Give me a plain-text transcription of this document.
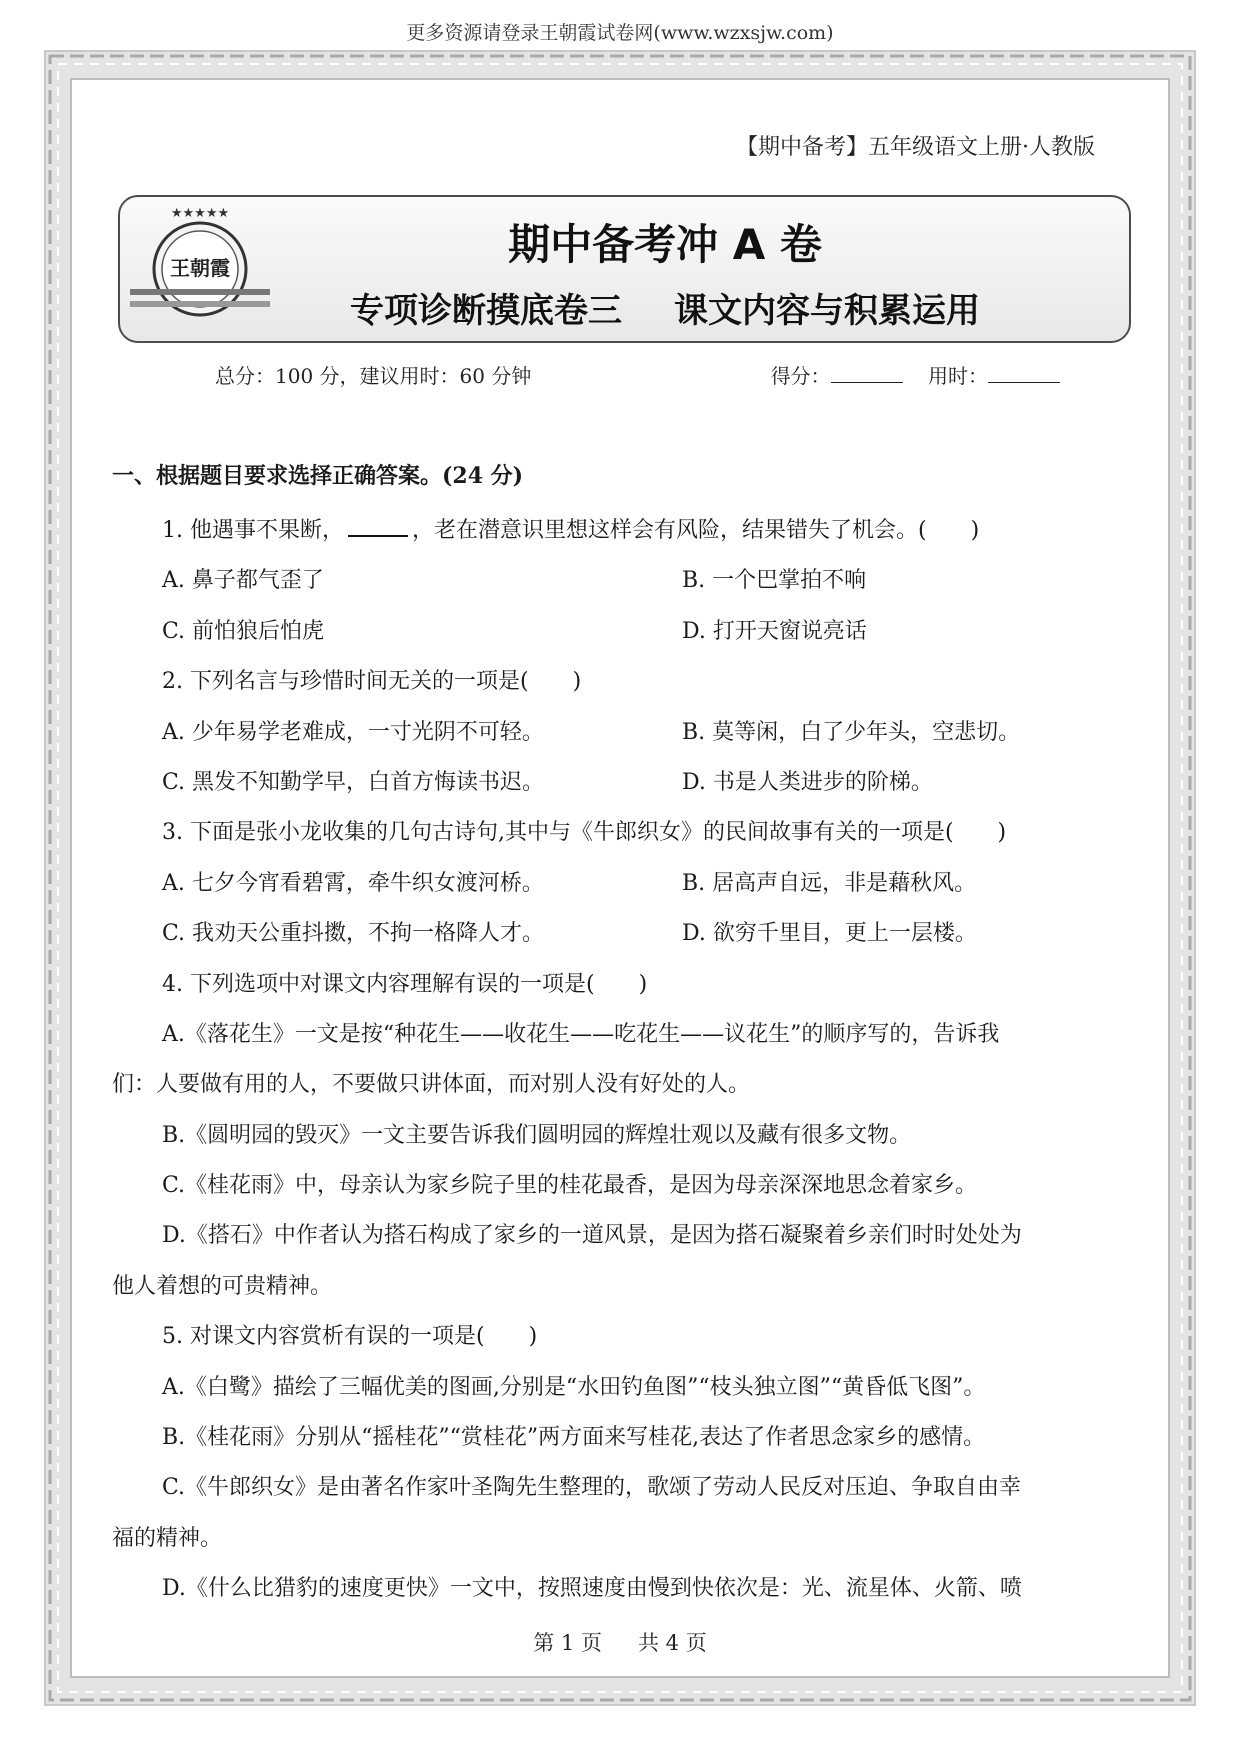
更多资源请登录王朝霞试卷网(www.wzxsjw.com)
【期中备考】五年级语文上册·人教版
★★★★★
王朝霞	期中备考冲 A 卷
专项诊断摸底卷三 课文内容与积累运用
总分：100 分，建议用时：60 分钟	得分：	用时：
一、根据题目要求选择正确答案。(24 分)
1. 他遇事不果断，	，老在潜意识里想这样会有风险，结果错失了机会。(　　)
A. 鼻子都气歪了	B. 一个巴掌拍不响
C. 前怕狼后怕虎	D. 打开天窗说亮话
2. 下列名言与珍惜时间无关的一项是(　　)
A. 少年易学老难成，一寸光阴不可轻。	B. 莫等闲，白了少年头，空悲切。
C. 黑发不知勤学早，白首方悔读书迟。	D. 书是人类进步的阶梯。
3. 下面是张小龙收集的几句古诗句,其中与《牛郎织女》的民间故事有关的一项是(　　)
A. 七夕今宵看碧霄，牵牛织女渡河桥。	B. 居高声自远，非是藉秋风。
C. 我劝天公重抖擞，不拘一格降人才。	D. 欲穷千里目，更上一层楼。
4. 下列选项中对课文内容理解有误的一项是(　　)
A.《落花生》一文是按“种花生——收花生——吃花生——议花生”的顺序写的，告诉我
们：人要做有用的人，不要做只讲体面，而对别人没有好处的人。
B.《圆明园的毁灭》一文主要告诉我们圆明园的辉煌壮观以及藏有很多文物。
C.《桂花雨》中，母亲认为家乡院子里的桂花最香，是因为母亲深深地思念着家乡。
D.《搭石》中作者认为搭石构成了家乡的一道风景，是因为搭石凝聚着乡亲们时时处处为
他人着想的可贵精神。
5. 对课文内容赏析有误的一项是(　　)
A.《白鹭》描绘了三幅优美的图画,分别是“水田钓鱼图”“枝头独立图”“黄昏低飞图”。
B.《桂花雨》分别从“摇桂花”“赏桂花”两方面来写桂花,表达了作者思念家乡的感情。
C.《牛郎织女》是由著名作家叶圣陶先生整理的，歌颂了劳动人民反对压迫、争取自由幸
福的精神。
D.《什么比猎豹的速度更快》一文中，按照速度由慢到快依次是：光、流星体、火箭、喷
第 1 页 共 4 页
